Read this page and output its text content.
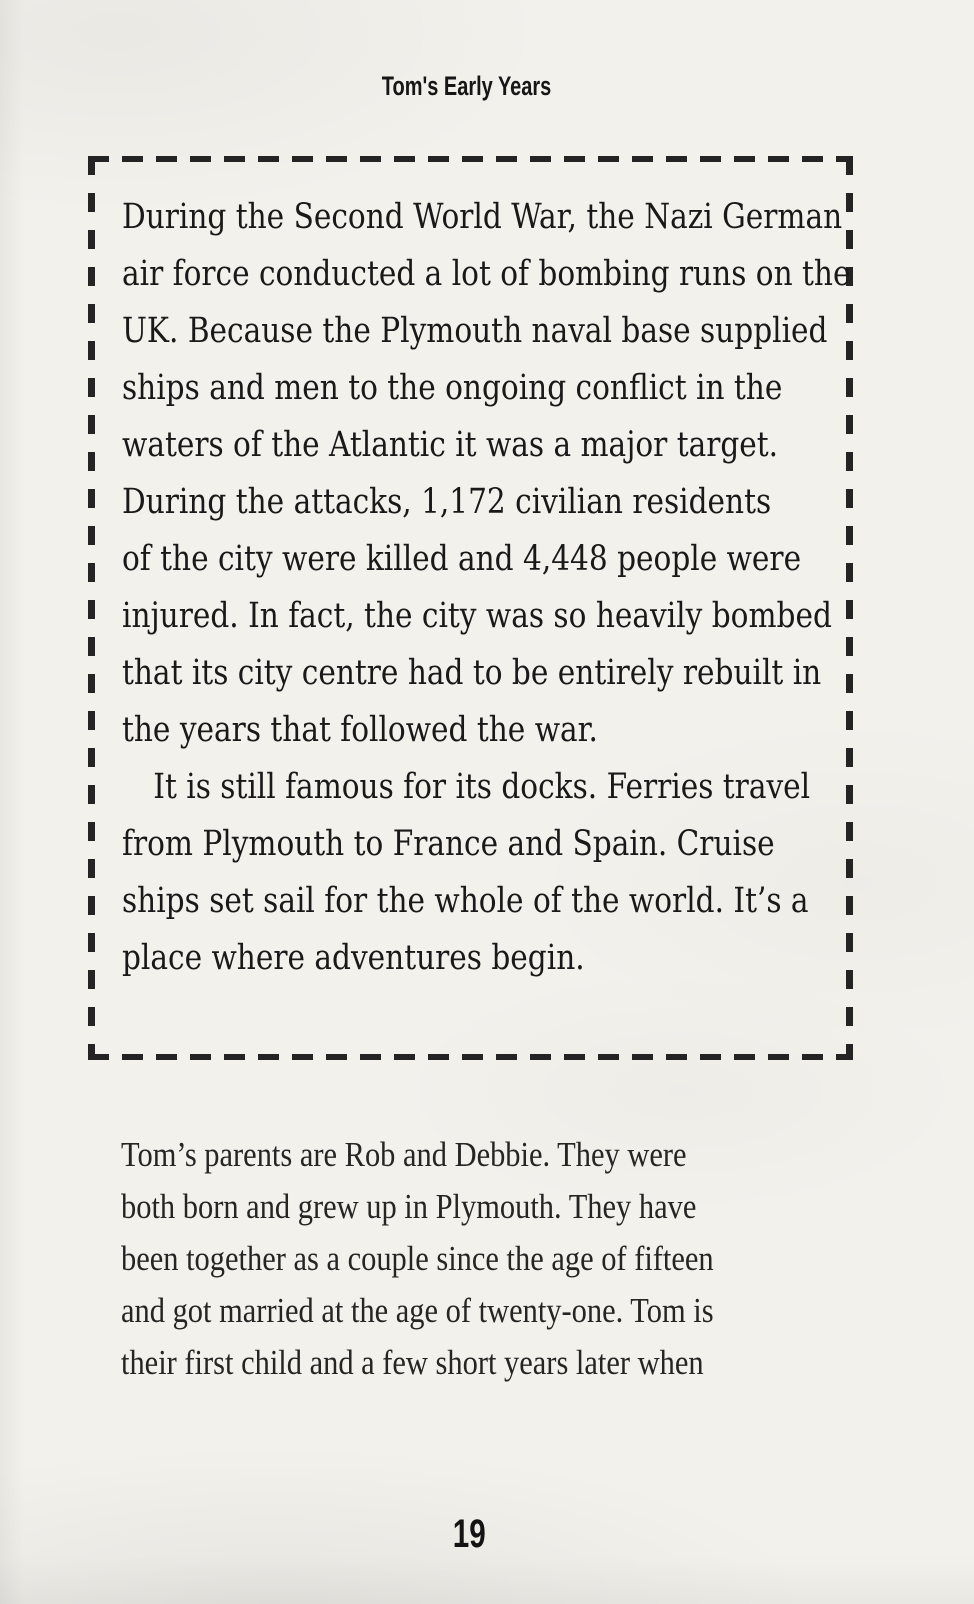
Tom's Early Years
During the Second World War, the Nazi German
air force conducted a lot of bombing runs on the
UK. Because the Plymouth naval base supplied
ships and men to the ongoing conflict in the
waters of the Atlantic it was a major target.
During the attacks, 1,172 civilian residents
of the city were killed and 4,448 people were
injured. In fact, the city was so heavily bombed
that its city centre had to be entirely rebuilt in
the years that followed the war.
It is still famous for its docks. Ferries travel
from Plymouth to France and Spain. Cruise
ships set sail for the whole of the world. It’s a
place where adventures begin.
Tom’s parents are Rob and Debbie. They were
both born and grew up in Plymouth. They have
been together as a couple since the age of fifteen
and got married at the age of twenty-one. Tom is
their first child and a few short years later when
19
